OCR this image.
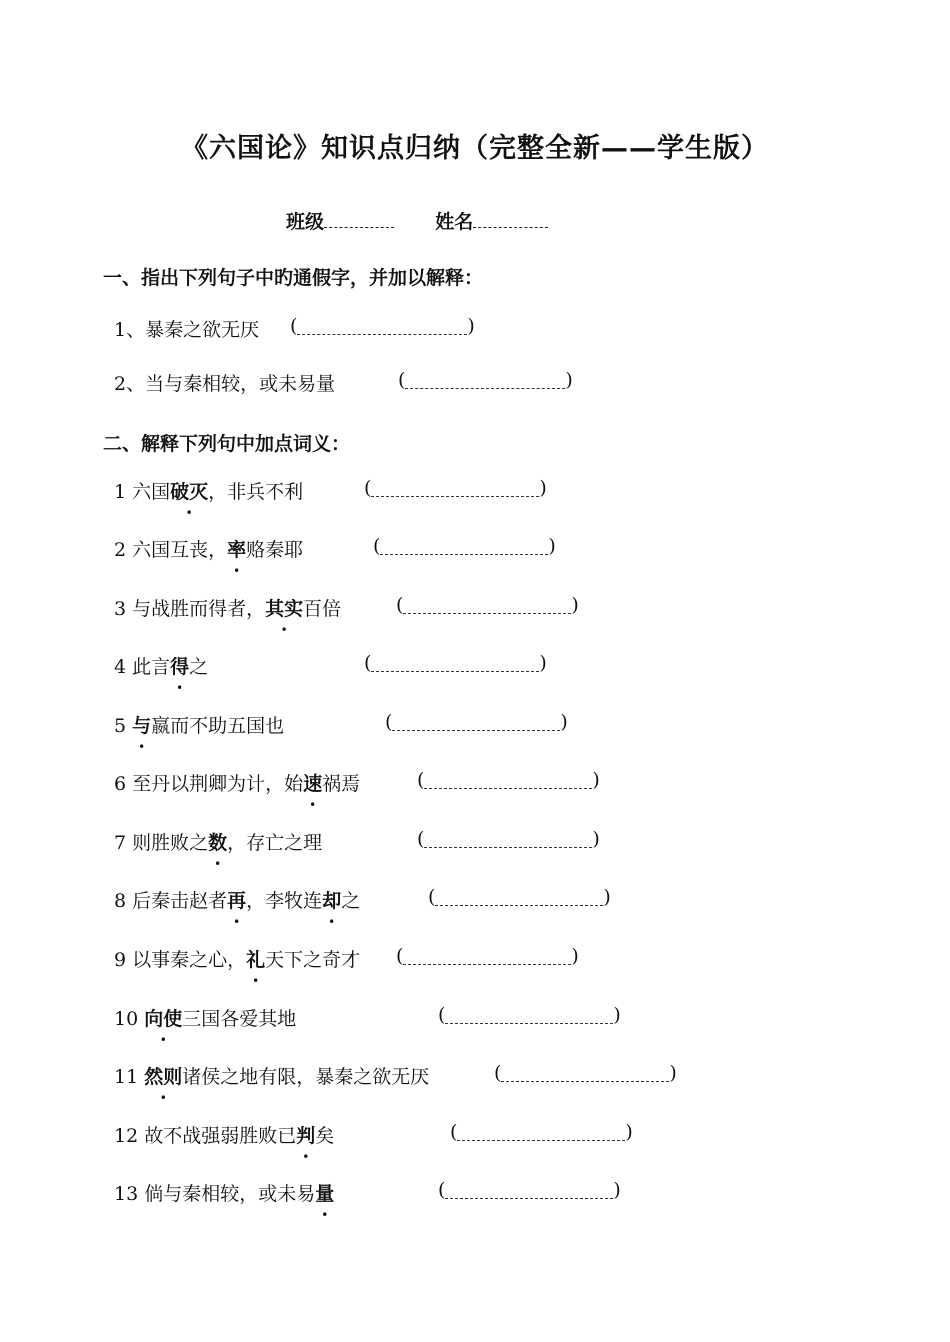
《六国论》知识点归纳（完整全新——学生版）
班级	姓名
一、指出下列句子中旳通假字，并加以解释：
1、暴秦之欲无厌 (	)
2、当与秦相较，或未易量	(	)
二、解释下列句中加点词义：
1 六国破灭，非兵不利	(	)
2 六国互丧，率赂秦耶	(	)
3 与战胜而得者，其实百倍	(	)
4 此言得之	(	)
5 与嬴而不助五国也	(	)
6 至丹以荆卿为计，始速祸焉	(	)
7 则胜败之数，存亡之理	(	)
8 后秦击赵者再，李牧连却之	(	)
9 以事秦之心，礼天下之奇才 (	)
10 向使三国各爱其地	(	)
11 然则诸侯之地有限，暴秦之欲无厌	(	)
12 故不战强弱胜败已判矣	(	)
13 倘与秦相较，或未易量	(	)
